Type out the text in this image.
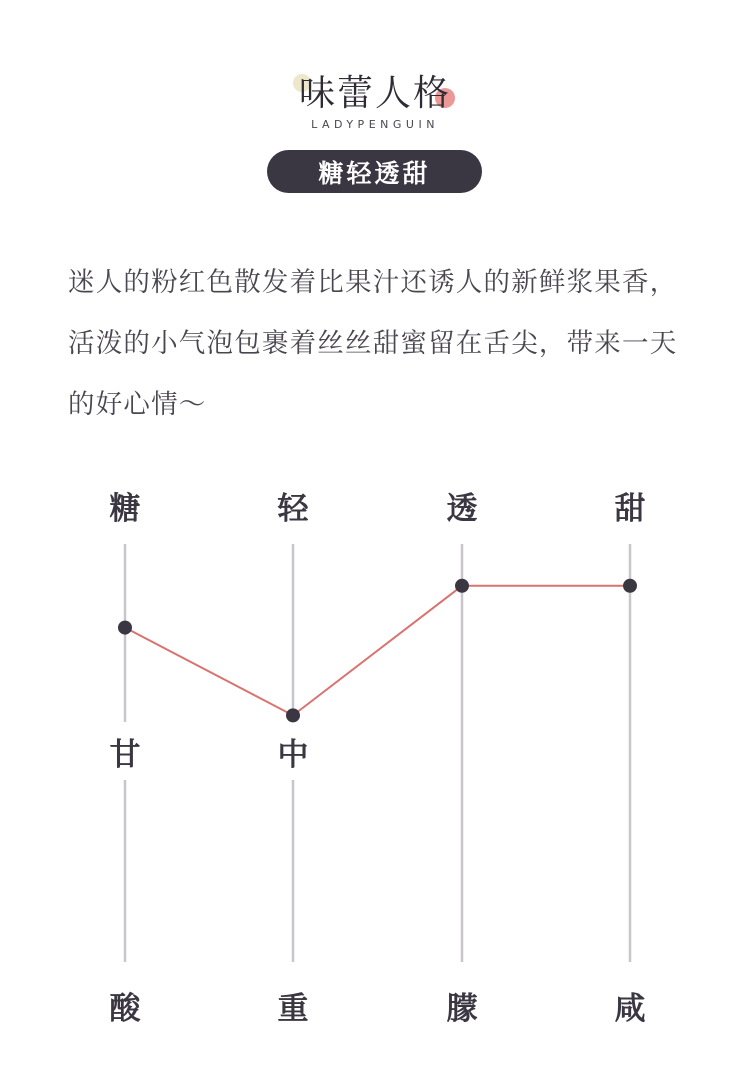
味蕾人格
LADYPENGUIN
糖轻透甜

迷人的粉红色散发着比果汁还诱人的新鲜浆果香，活泼的小气泡包裹着丝丝甜蜜留在舌尖，带来一天的好心情～

甘
糖
酸
中
轻
重
透
朦
甜
咸
